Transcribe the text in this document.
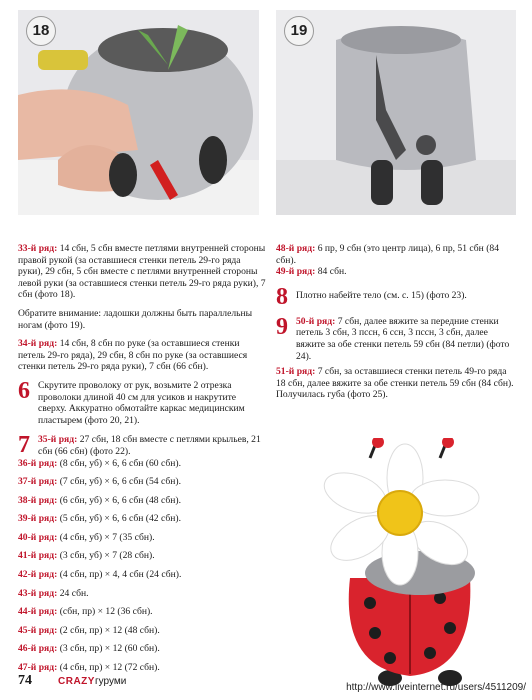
18	19

33-й ряд: 14 сбн, 5 сбн вместе петлями внутренней стороны правой рукой (за оставшиеся стенки петель 29-го ряда руки), 29 сбн, 5 сбн вместе с петлями внутренней стороны левой руки (за оставшиеся стенки петель 29-го ряда руки), 7 сбн (фото 18).

Обратите внимание: ладошки должны быть параллельны ногам (фото 19).

34-й ряд: 14 сбн, 8 сбн по руке (за оставшиеся стенки петель 29-го ряда), 29 сбн, 8 сбн по руке (за оставшиеся стенки петель 29-го ряда руки), 7 сбн (66 сбн).

6 Скрутите проволоку от рук, возьмите 2 отрезка проволоки длиной 40 см для усиков и накрутите сверху. Аккуратно обмотайте каркас медицинским пластырем (фото 20, 21).
7 35-й ряд: 27 сбн, 18 сбн вместе с петлями крыльев, 21 сбн (66 сбн) (фото 22).

36-й ряд: (8 сбн, уб) × 6, 6 сбн (60 сбн).

37-й ряд: (7 сбн, уб) × 6, 6 сбн (54 сбн).

38-й ряд: (6 сбн, уб) × 6, 6 сбн (48 сбн).

39-й ряд: (5 сбн, уб) × 6, 6 сбн (42 сбн).

40-й ряд: (4 сбн, уб) × 7 (35 сбн).

41-й ряд: (3 сбн, уб) × 7 (28 сбн).

42-й ряд: (4 сбн, пр) × 4, 4 сбн (24 сбн).

43-й ряд: 24 сбн.

44-й ряд: (сбн, пр) × 12 (36 сбн).

45-й ряд: (2 сбн, пр) × 12 (48 сбн).

46-й ряд: (3 сбн, пр) × 12 (60 сбн).

47-й ряд: (4 сбн, пр) × 12 (72 сбн).

48-й ряд: 6 пр, 9 сбн (это центр лица), 6 пр, 51 сбн (84 сбн).
49-й ряд: 84 сбн.

8 Плотно набейте тело (см. с. 15) (фото 23).
9 50-й ряд: 7 сбн, далее вяжите за передние стенки петель 3 сбн, 3 пссн, 6 ссн, 3 пссн, 3 сбн, далее вяжите за обе стенки петель 59 сбн (84 петли) (фото 24).

51-й ряд: 7 сбн, за оставшиеся стенки петель 49-го ряда 18 сбн, далее вяжите за обе стенки петель 59 сбн (84 сбн).
Получилась губа (фото 25).

74	CRAZYгуруми
http://www.liveinternet.ru/users/4511209/
